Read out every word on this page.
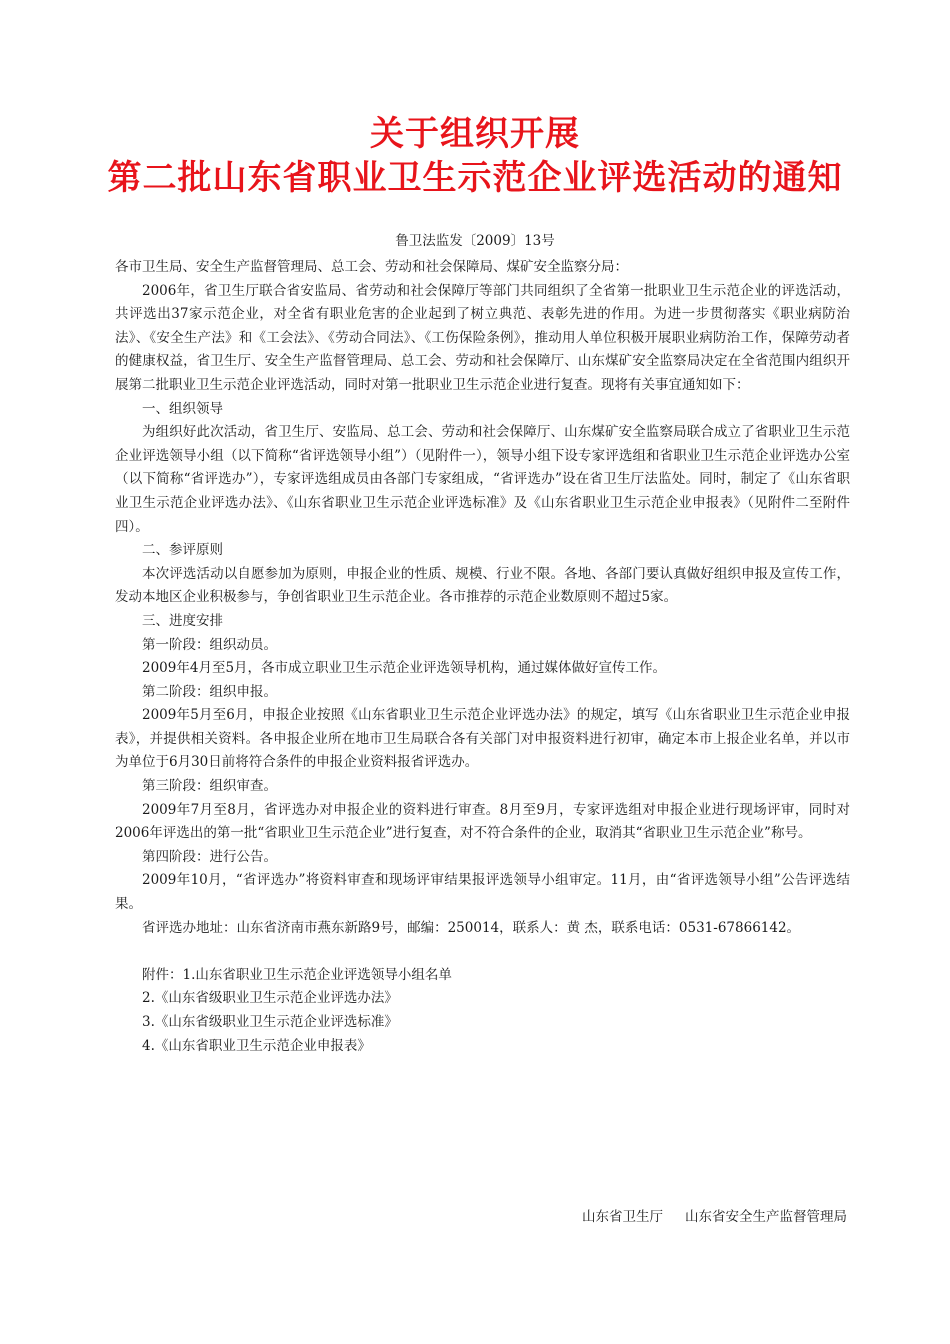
关于组织开展
第二批山东省职业卫生示范企业评选活动的通知
鲁卫法监发〔2009〕13号

各市卫生局、安全生产监督管理局、总工会、劳动和社会保障局、煤矿安全监察分局：

2006年，省卫生厅联合省安监局、省劳动和社会保障厅等部门共同组织了全省第一批职业卫生示范企业的评选活动，共评选出37家示范企业，对全省有职业危害的企业起到了树立典范、表彰先进的作用。为进一步贯彻落实《职业病防治法》、《安全生产法》和《工会法》、《劳动合同法》、《工伤保险条例》，推动用人单位积极开展职业病防治工作，保障劳动者的健康权益，省卫生厅、安全生产监督管理局、总工会、劳动和社会保障厅、山东煤矿安全监察局决定在全省范围内组织开展第二批职业卫生示范企业评选活动，同时对第一批职业卫生示范企业进行复查。现将有关事宜通知如下：

一、组织领导

为组织好此次活动，省卫生厅、安监局、总工会、劳动和社会保障厅、山东煤矿安全监察局联合成立了省职业卫生示范企业评选领导小组（以下简称“省评选领导小组”）（见附件一），领导小组下设专家评选组和省职业卫生示范企业评选办公室（以下简称“省评选办”），专家评选组成员由各部门专家组成，“省评选办”设在省卫生厅法监处。同时，制定了《山东省职业卫生示范企业评选办法》、《山东省职业卫生示范企业评选标准》及《山东省职业卫生示范企业申报表》（见附件二至附件四）。

二、参评原则

本次评选活动以自愿参加为原则，申报企业的性质、规模、行业不限。各地、各部门要认真做好组织申报及宣传工作，发动本地区企业积极参与，争创省职业卫生示范企业。各市推荐的示范企业数原则不超过5家。

三、进度安排

第一阶段：组织动员。

2009年4月至5月，各市成立职业卫生示范企业评选领导机构，通过媒体做好宣传工作。

第二阶段：组织申报。

2009年5月至6月，申报企业按照《山东省职业卫生示范企业评选办法》的规定，填写《山东省职业卫生示范企业申报表》，并提供相关资料。各申报企业所在地市卫生局联合各有关部门对申报资料进行初审，确定本市上报企业名单，并以市为单位于6月30日前将符合条件的申报企业资料报省评选办。

第三阶段：组织审查。

2009年7月至8月，省评选办对申报企业的资料进行审查。8月至9月，专家评选组对申报企业进行现场评审，同时对2006年评选出的第一批“省职业卫生示范企业”进行复查，对不符合条件的企业，取消其“省职业卫生示范企业”称号。

第四阶段：进行公告。

2009年10月，“省评选办”将资料审查和现场评审结果报评选领导小组审定。11月，由“省评选领导小组”公告评选结果。

省评选办地址：山东省济南市燕东新路9号，邮编：250014，联系人：黄 杰，联系电话：0531-67866142。

附件：1.山东省职业卫生示范企业评选领导小组名单

2.《山东省级职业卫生示范企业评选办法》

3.《山东省级职业卫生示范企业评选标准》

4.《山东省职业卫生示范企业申报表》

山东省卫生厅 山东省安全生产监督管理局
